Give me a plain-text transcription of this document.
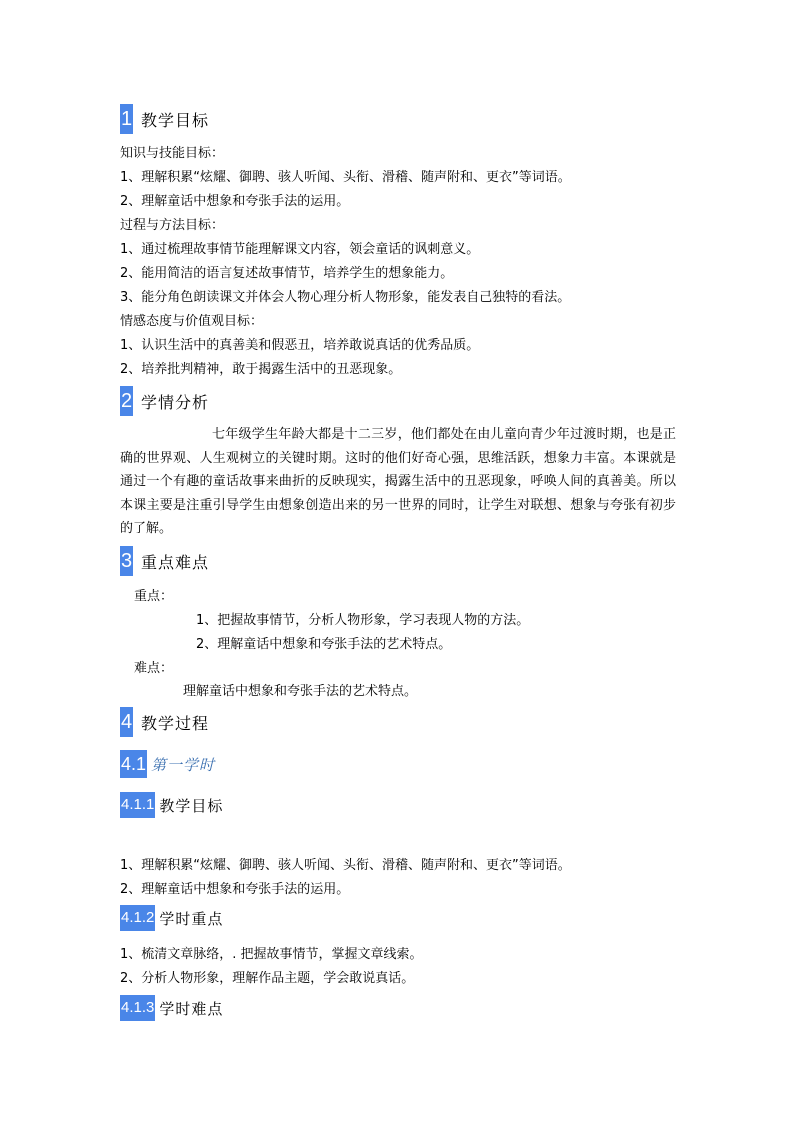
1 教学目标
知识与技能目标：
1、理解积累“炫耀、御聘、骇人听闻、头衔、滑稽、随声附和、更衣”等词语。
2、理解童话中想象和夸张手法的运用。
过程与方法目标：
1、通过梳理故事情节能理解课文内容，领会童话的讽刺意义。
2、能用简洁的语言复述故事情节，培养学生的想象能力。
3、能分角色朗读课文并体会人物心理分析人物形象，能发表自己独特的看法。
情感态度与价值观目标：
1、认识生活中的真善美和假恶丑，培养敢说真话的优秀品质。
2、培养批判精神，敢于揭露生活中的丑恶现象。
2 学情分析
七年级学生年龄大都是十二三岁，他们都处在由儿童向青少年过渡时期，也是正确的世界观、人生观树立的关键时期。这时的他们好奇心强，思维活跃，想象力丰富。本课就是通过一个有趣的童话故事来曲折的反映现实，揭露生活中的丑恶现象，呼唤人间的真善美。所以本课主要是注重引导学生由想象创造出来的另一世界的同时，让学生对联想、想象与夸张有初步的了解。
3 重点难点
重点：
1、把握故事情节，分析人物形象，学习表现人物的方法。
2、理解童话中想象和夸张手法的艺术特点。
难点：
理解童话中想象和夸张手法的艺术特点。
4 教学过程
4.1 第一学时
4.1.1 教学目标
1、理解积累“炫耀、御聘、骇人听闻、头衔、滑稽、随声附和、更衣”等词语。
2、理解童话中想象和夸张手法的运用。
4.1.2 学时重点
1、梳清文章脉络，. 把握故事情节，掌握文章线索。
2、分析人物形象，理解作品主题，学会敢说真话。
4.1.3 学时难点
